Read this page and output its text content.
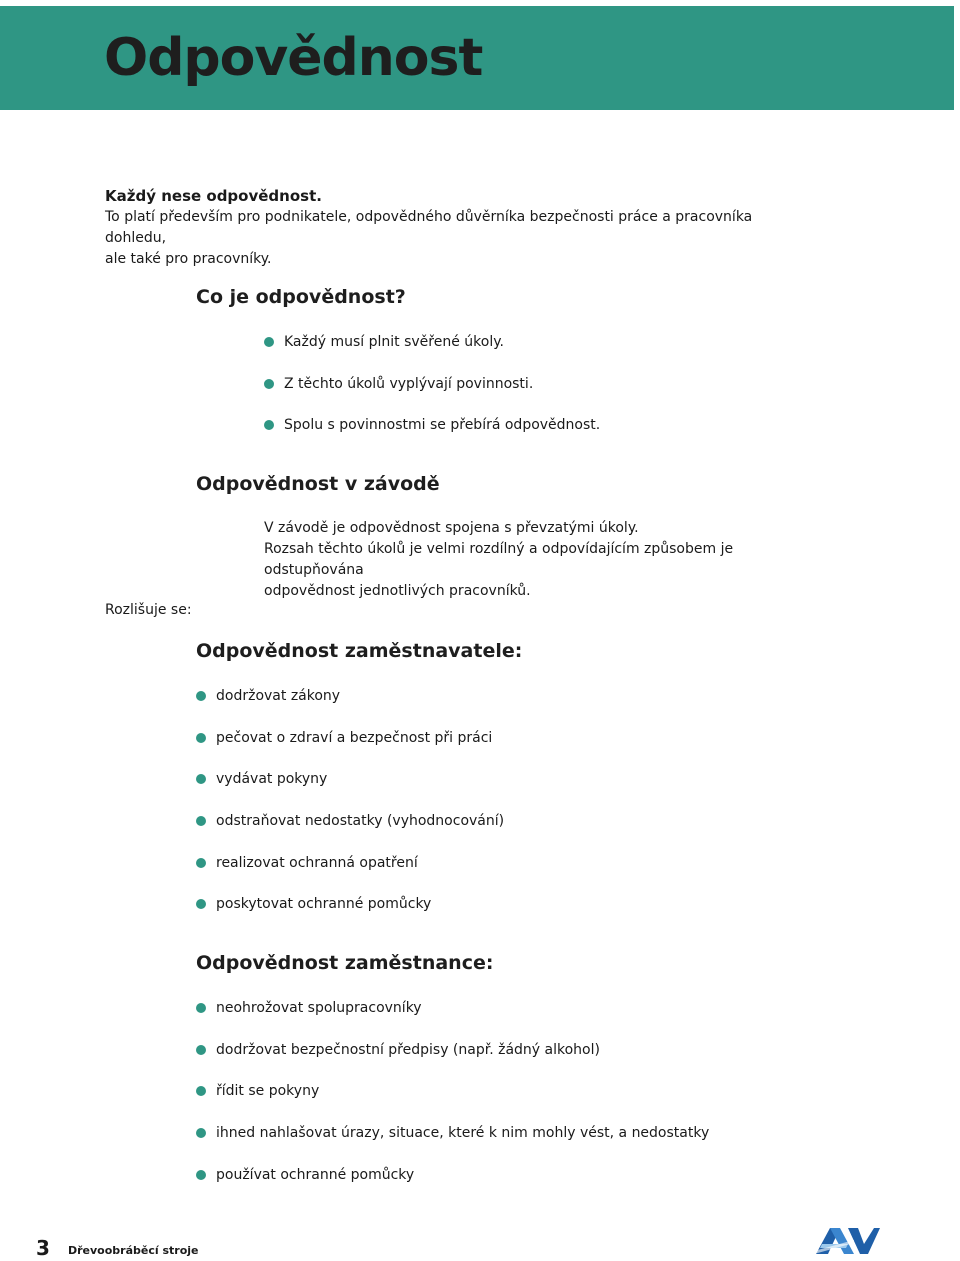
Odpovědnost

Každý nese odpovědnost.

To platí především pro podnikatele, odpovědného důvěrníka bezpečnosti práce a pracovníka dohledu,

ale také pro pracovníky.

Co je odpovědnost?
Každý musí plnit svěřené úkoly.
Z těchto úkolů vyplývají povinnosti.
Spolu s povinnostmi se přebírá odpovědnost.
Odpovědnost v závodě

V závodě je odpovědnost spojena s převzatými úkoly.

Rozsah těchto úkolů je velmi rozdílný a odpovídajícím způsobem je odstupňována

odpovědnost jednotlivých pracovníků.

Rozlišuje se:

Odpovědnost zaměstnavatele:
dodržovat zákony
pečovat o zdraví a bezpečnost při práci
vydávat pokyny
odstraňovat nedostatky (vyhodnocování)
realizovat ochranná opatření
poskytovat ochranné pomůcky
Odpovědnost zaměstnance:
neohrožovat spolupracovníky
dodržovat bezpečnostní předpisy (např. žádný alkohol)
řídit se pokyny
ihned nahlašovat úrazy, situace, které k nim mohly vést, a nedostatky
používat ochranné pomůcky

3 Dřevoobráběcí stroje
